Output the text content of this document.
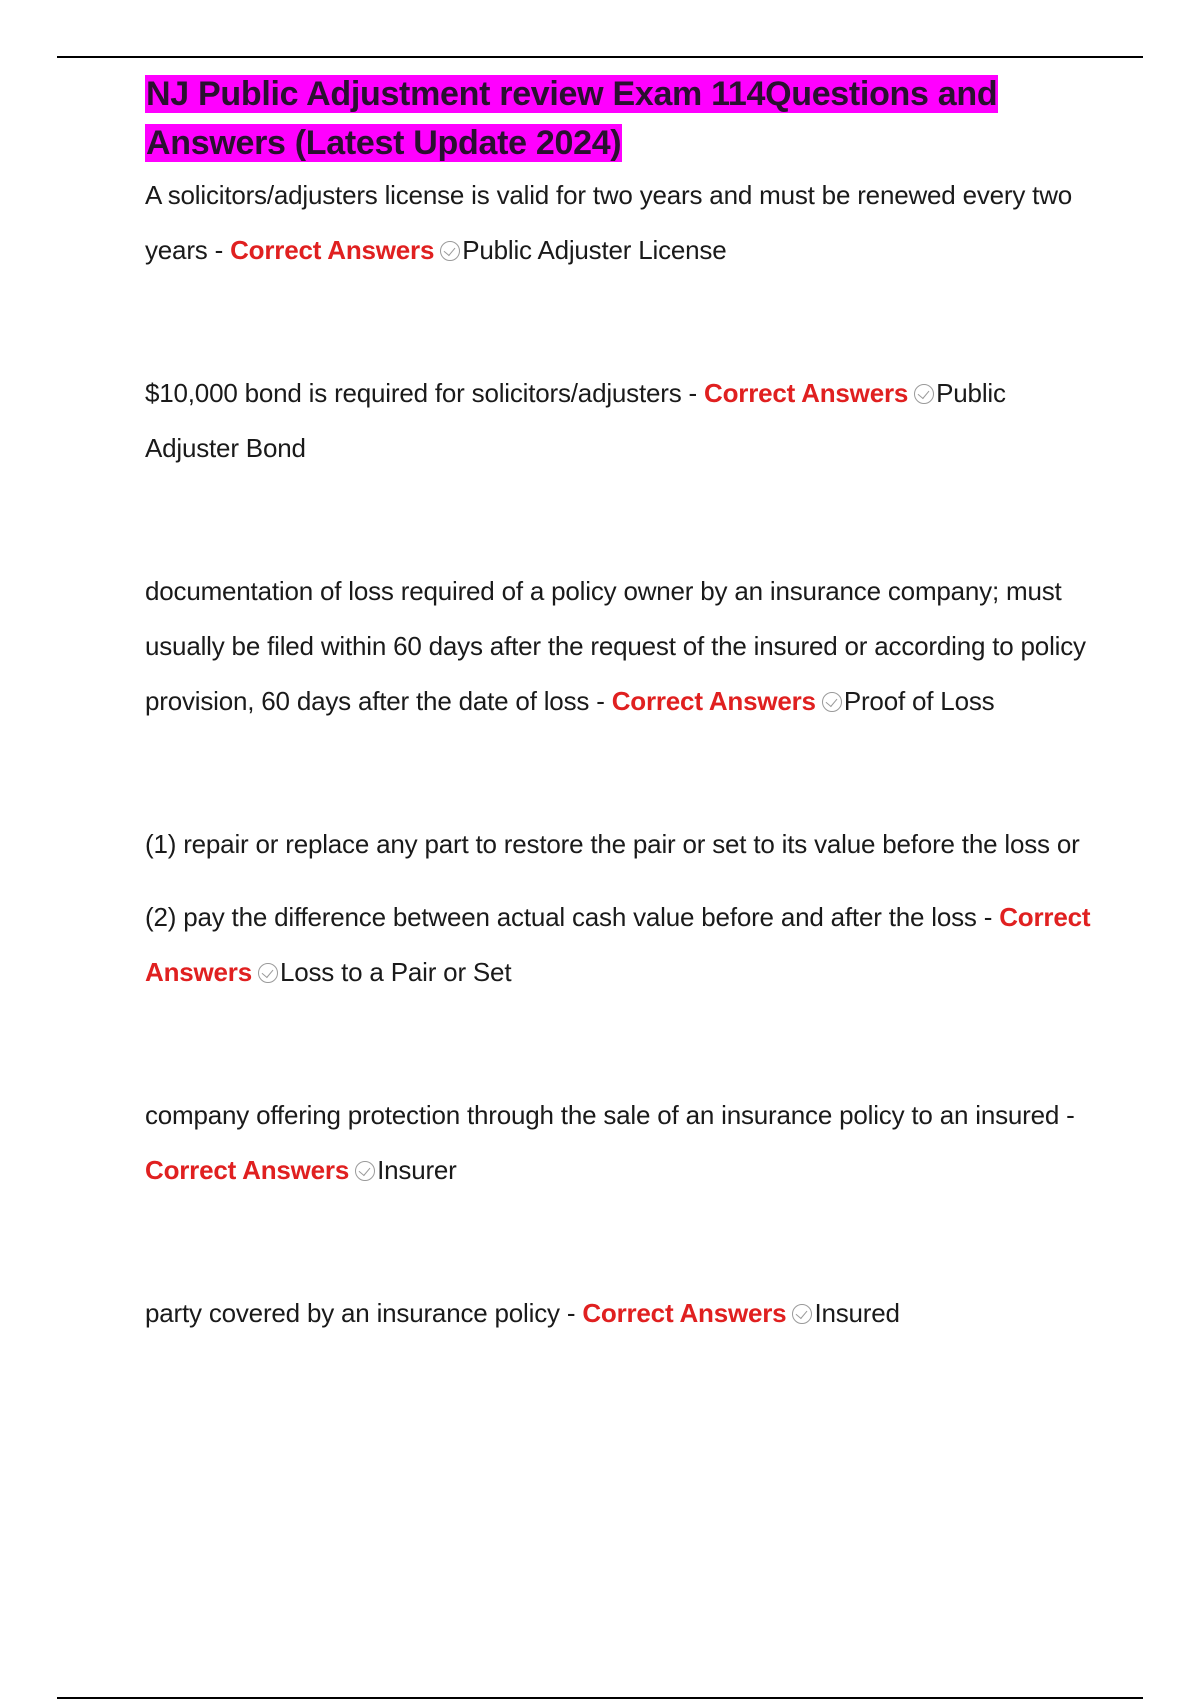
NJ Public Adjustment review Exam 114Questions and Answers (Latest Update 2024)

A solicitors/adjusters license is valid for two years and must be renewed every two years - Correct Answers Public Adjuster License

$10,000 bond is required for solicitors/adjusters - Correct Answers Public Adjuster Bond

documentation of loss required of a policy owner by an insurance company; must usually be filed within 60 days after the request of the insured or according to policy provision, 60 days after the date of loss - Correct Answers Proof of Loss

(1) repair or replace any part to restore the pair or set to its value before the loss or

(2) pay the difference between actual cash value before and after the loss - Correct Answers Loss to a Pair or Set

company offering protection through the sale of an insurance policy to an insured - Correct Answers Insurer

party covered by an insurance policy - Correct Answers Insured
